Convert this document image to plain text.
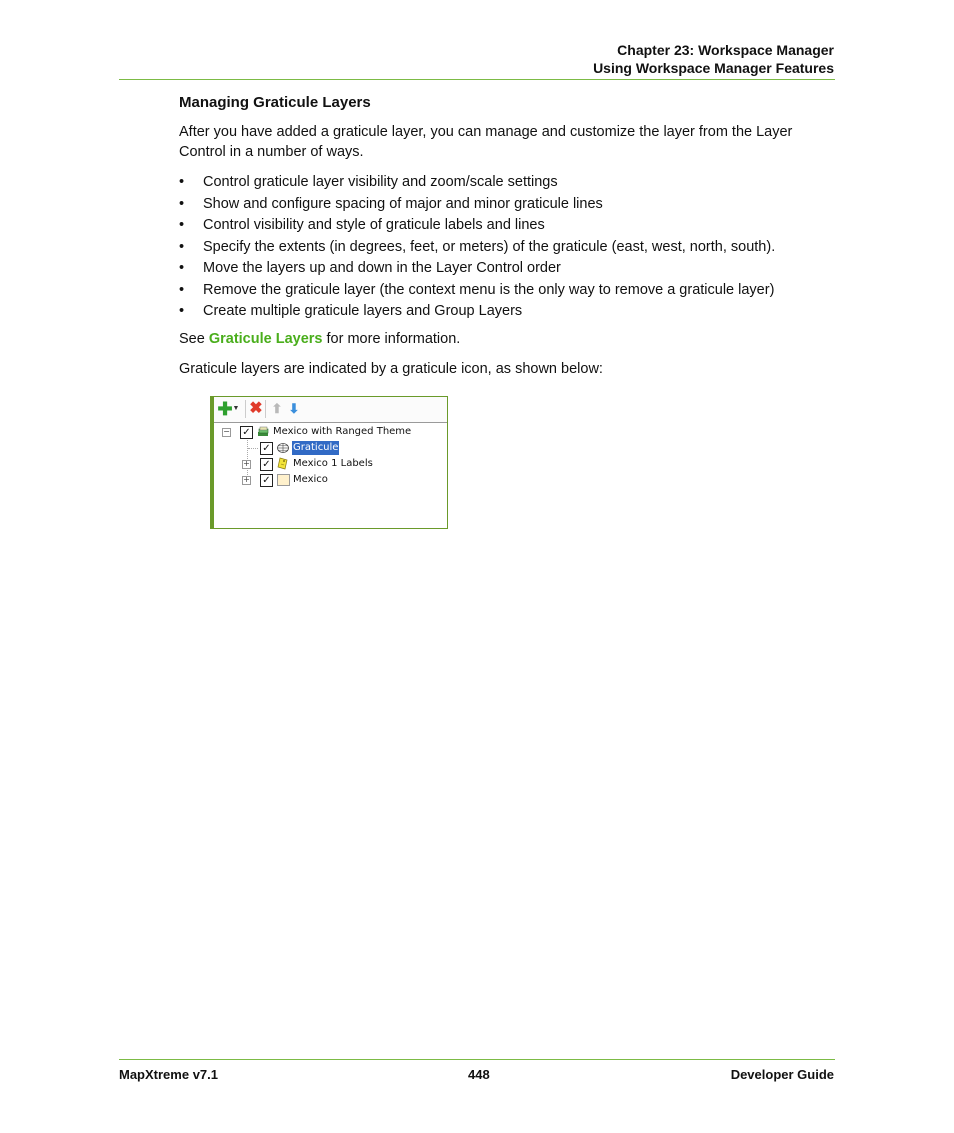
Chapter 23: Workspace Manager
Using Workspace Manager Features
Managing Graticule Layers
After you have added a graticule layer, you can manage and customize the layer from the Layer Control in a number of ways.
• Control graticule layer visibility and zoom/scale settings
• Show and configure spacing of major and minor graticule lines
• Control visibility and style of graticule labels and lines
• Specify the extents (in degrees, feet, or meters) of the graticule (east, west, north, south).
• Move the layers up and down in the Layer Control order
• Remove the graticule layer (the context menu is the only way to remove a graticule layer)
• Create multiple graticule layers and Group Layers
See Graticule Layers for more information.
Graticule layers are indicated by a graticule icon, as shown below:
✚ ▼ ✖ ⬆ ⬇
− ✓ Mexico with Ranged Theme
✓ Graticule
+ ✓ Mexico 1 Labels
+ ✓ Mexico
MapXtreme v7.1	448	Developer Guide
